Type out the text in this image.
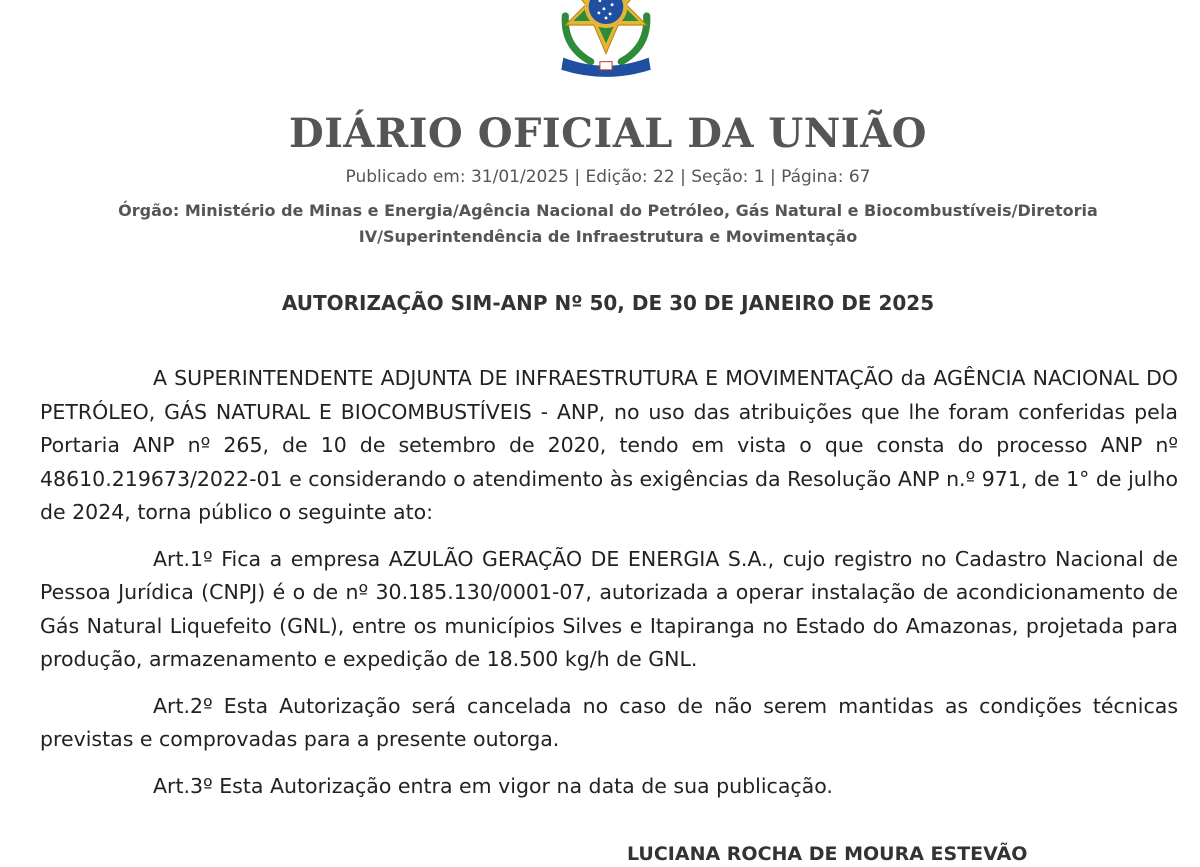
DIÁRIO OFICIAL DA UNIÃO
Publicado em: 31/01/2025 | Edição: 22 | Seção: 1 | Página: 67
Órgão: Ministério de Minas e Energia/Agência Nacional do Petróleo, Gás Natural e Biocombustíveis/Diretoria IV/Superintendência de Infraestrutura e Movimentação
AUTORIZAÇÃO SIM-ANP Nº 50, DE 30 DE JANEIRO DE 2025

A SUPERINTENDENTE ADJUNTA DE INFRAESTRUTURA E MOVIMENTAÇÃO da AGÊNCIA NACIONAL DO PETRÓLEO, GÁS NATURAL E BIOCOMBUSTÍVEIS - ANP, no uso das atribuições que lhe foram conferidas pela Portaria ANP nº 265, de 10 de setembro de 2020, tendo em vista o que consta do processo ANP nº 48610.219673/2022-01 e considerando o atendimento às exigências da Resolução ANP n.º 971, de 1° de julho de 2024, torna público o seguinte ato:

Art.1º Fica a empresa AZULÃO GERAÇÃO DE ENERGIA S.A., cujo registro no Cadastro Nacional de Pessoa Jurídica (CNPJ) é o de nº 30.185.130/0001-07, autorizada a operar instalação de acondicionamento de Gás Natural Liquefeito (GNL), entre os municípios Silves e Itapiranga no Estado do Amazonas, projetada para produção, armazenamento e expedição de 18.500 kg/h de GNL.

Art.2º Esta Autorização será cancelada no caso de não serem mantidas as condições técnicas previstas e comprovadas para a presente outorga.

Art.3º Esta Autorização entra em vigor na data de sua publicação.

LUCIANA ROCHA DE MOURA ESTEVÃO
